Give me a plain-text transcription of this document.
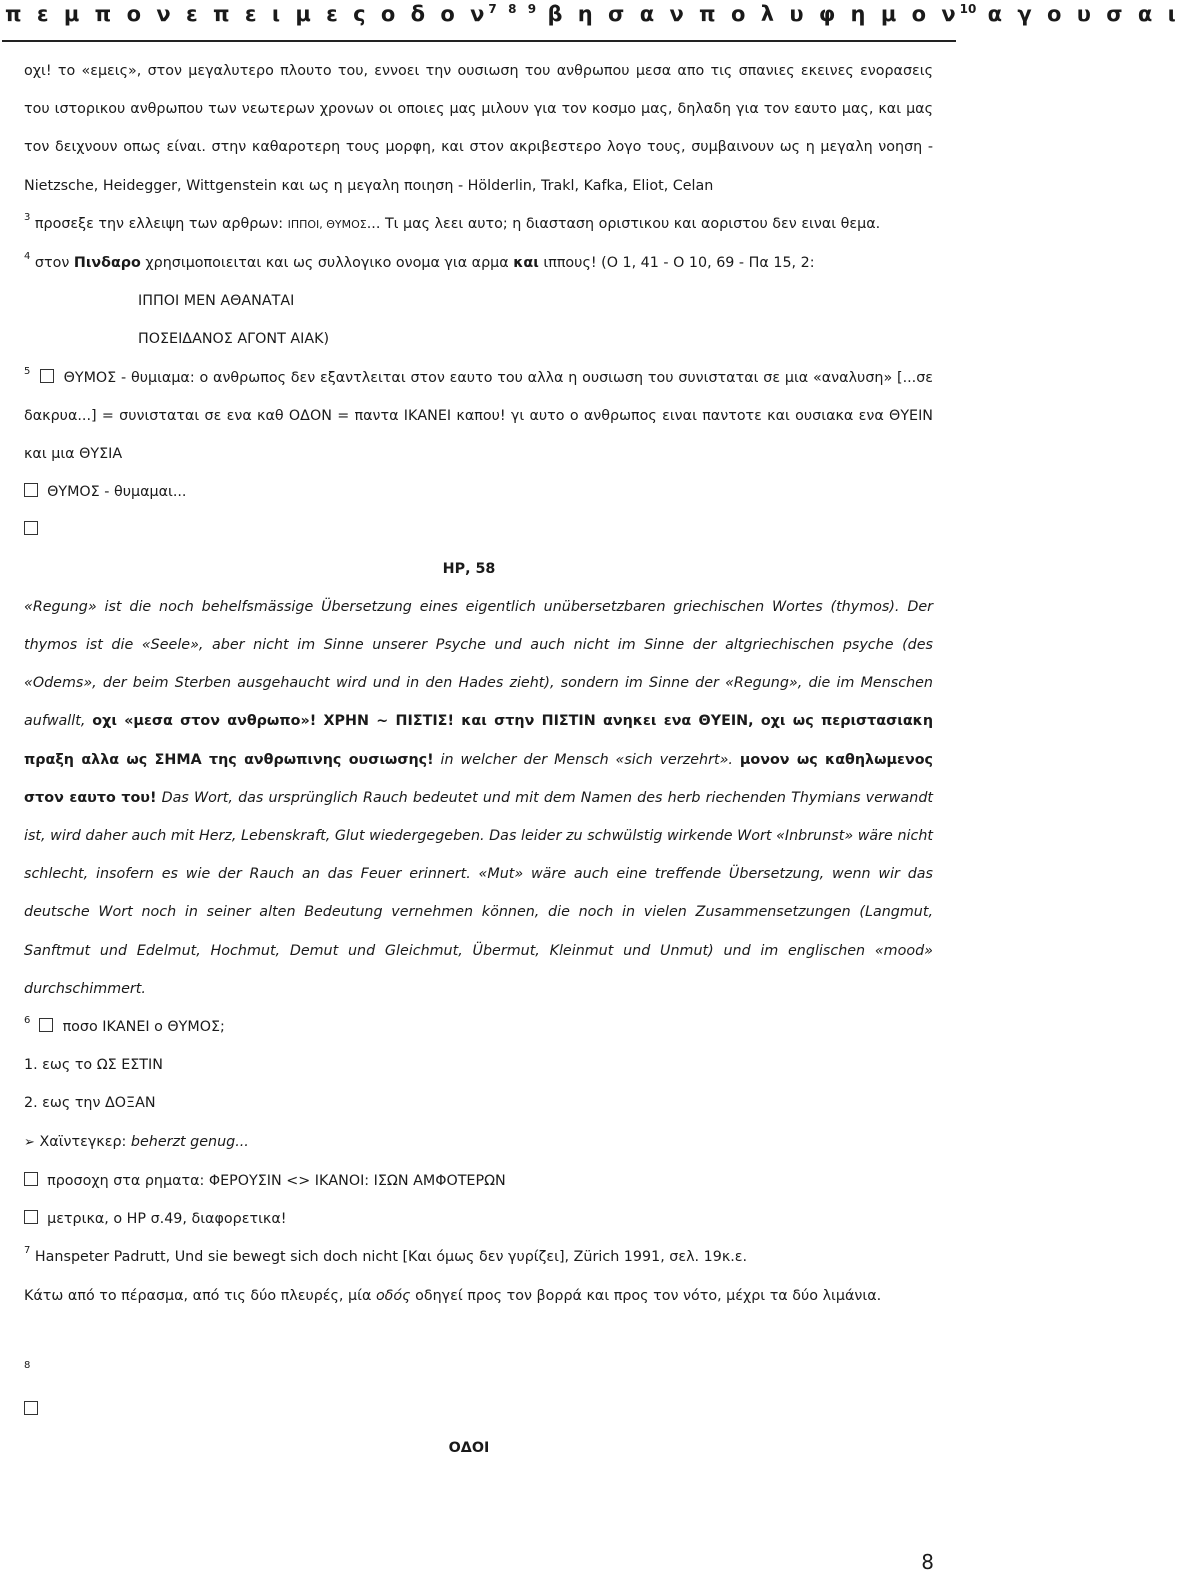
π ε μ π ο ν ε π ε ι μ ε ς ο δ ο $\nu^7$ $^8$ $^9$ β η σ α ν π ο λ υ φ η μ ο $\nu^{10}$ α γ ο υ σ α ι

οχι! το «εμεις», στον μεγαλυτερο πλουτο του, εννοει την ουσιωση του ανθρωπου μεσα απο τις σπανιες εκεινες ενορασεις του ιστορικου ανθρωπου των νεωτερων χρονων οι οποιες μας μιλουν για τον κοσμο μας, δηλαδη για τον εαυτο μας, και μας τον δειχνουν οπως είναι. στην καθαροτερη τους μορφη, και στον ακριβεστερο λογο τους, συμβαινουν ως η μεγαλη νοηση - Nietzsche, Heidegger, Wittgenstein και ως η μεγαλη ποιηση - Hölderlin, Trakl, Kafka, Eliot, Celan

$^3$ προσεξε την ελλειψη των αρθρων: ΙΠΠΟΙ, ΘΥΜΟΣ... Τι μας λεει αυτο; η διασταση οριστικου και αοριστου δεν ειναι θεμα.

$^4$ στον Πινδαρο χρησιμοποιειται και ως συλλογικο ονομα για αρμα και ιππους! (Ο 1, 41 - Ο 10, 69 - Πα 15, 2:

ΙΠΠΟΙ ΜΕΝ ΑΘΑΝΑΤΑΙ

ΠΟΣΕΙΔΑΝΟΣ ΑΓΟΝΤ ΑΙΑΚ)

$^5$ ΘΥΜΟΣ - θυμιαμα: ο ανθρωπος δεν εξαντλειται στον εαυτο του αλλα η ουσιωση του συνισταται σε μια «αναλυση» [...σε δακρυα...] = συνισταται σε ενα καθ ΟΔΟΝ = παντα ΙΚΑΝΕΙ καπου! γι αυτο ο ανθρωπος ειναι παντοτε και ουσιακα ενα ΘΥΕΙΝ και μια ΘΥΣΙΑ

ΘΥΜΟΣ - θυμαμαι...

ΗΡ, 58

«Regung» ist die noch behelfsmässige Übersetzung eines eigentlich unübersetzbaren griechischen Wortes (thymos). Der thymos ist die «Seele», aber nicht im Sinne unserer Psyche und auch nicht im Sinne der altgriechischen psyche (des «Odems», der beim Sterben ausgehaucht wird und in den Hades zieht), sondern im Sinne der «Regung», die im Menschen aufwallt, οχι «μεσα στον ανθρωπο»! ΧΡΗΝ ~ ΠΙΣΤΙΣ! και στην ΠΙΣΤΙΝ ανηκει ενα ΘΥΕΙΝ, οχι ως περιστασιακη πραξη αλλα ως ΣΗΜΑ της ανθρωπινης ουσιωσης! in welcher der Mensch «sich verzehrt». μονον ως καθηλωμενος στον εαυτο του! Das Wort, das ursprünglich Rauch bedeutet und mit dem Namen des herb riechenden Thymians verwandt ist, wird daher auch mit Herz, Lebenskraft, Glut wiedergegeben. Das leider zu schwülstig wirkende Wort «Inbrunst» wäre nicht schlecht, insofern es wie der Rauch an das Feuer erinnert. «Mut» wäre auch eine treffende Übersetzung, wenn wir das deutsche Wort noch in seiner alten Bedeutung vernehmen können, die noch in vielen Zusammensetzungen (Langmut, Sanftmut und Edelmut, Hochmut, Demut und Gleichmut, Übermut, Kleinmut und Unmut) und im englischen «mood» durchschimmert.

$^6$ ποσο ΙΚΑΝΕΙ ο ΘΥΜΟΣ;

1. εως το ΩΣ ΕΣΤΙΝ

2. εως την ΔΟΞΑΝ

➢ Χαϊντεγκερ: beherzt genug...

προσοχη στα ρηματα: ΦΕΡΟΥΣΙΝ <> ΙΚΑΝΟΙ: ΙΣΩΝ ΑΜΦΟΤΕΡΩΝ

μετρικα, ο ΗΡ σ.49, διαφορετικα!

$^7$ Hanspeter Padrutt, Und sie bewegt sich doch nicht [Και όμως δεν γυρίζει], Zürich 1991, σελ. 19κ.ε.

Κάτω από το πέρασμα, από τις δύο πλευρές, μία οδός οδηγεί προς τον βορρά και προς τον νότο, μέχρι τα δύο λιμάνια.

$^8$

ΟΔΟΙ

8
